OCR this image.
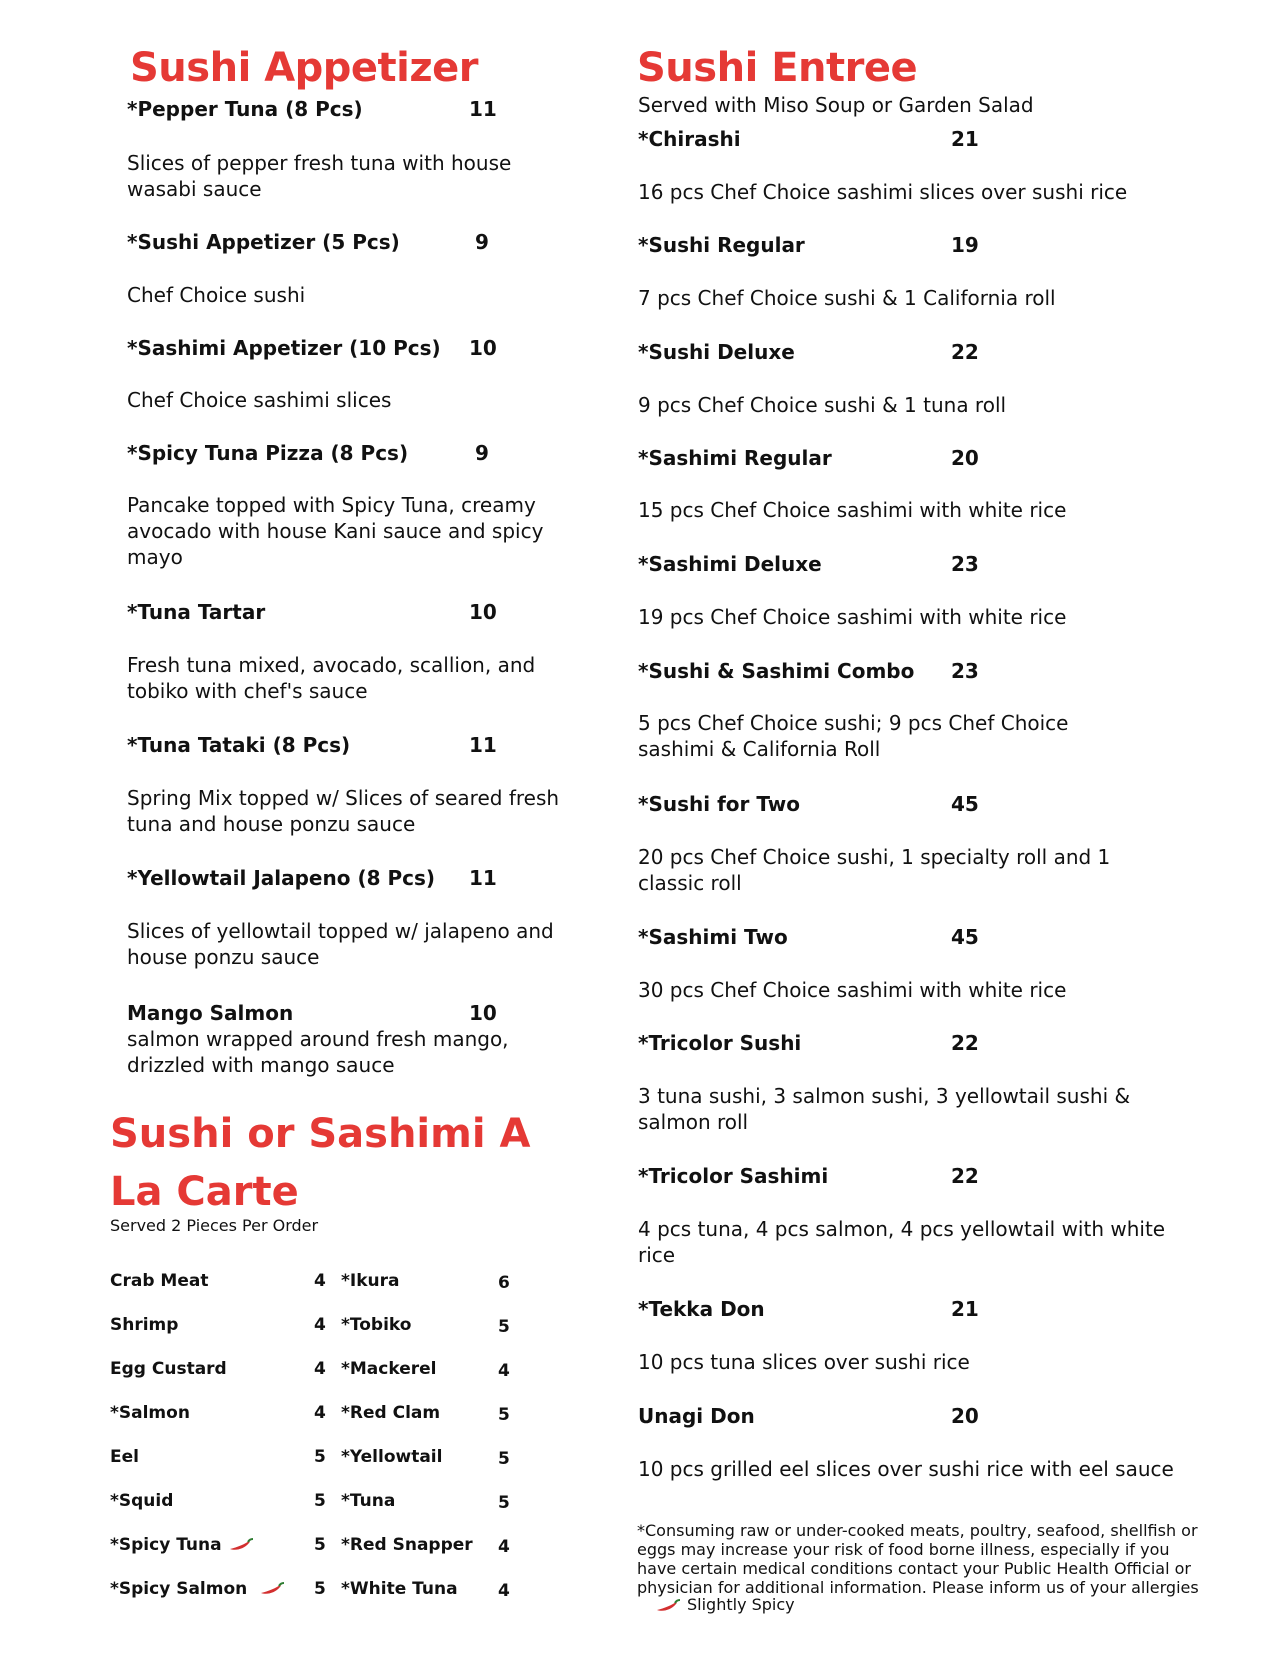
Sushi Appetizer
*Pepper Tuna (8 Pcs)	11
Slices of pepper fresh tuna with house wasabi sauce
*Sushi Appetizer (5 Pcs)	9
Chef Choice sushi
*Sashimi Appetizer (10 Pcs) 10
Chef Choice sashimi slices
*Spicy Tuna Pizza (8 Pcs)	9
Pancake topped with Spicy Tuna, creamy avocado with house Kani sauce and spicy mayo
*Tuna Tartar	10
Fresh tuna mixed, avocado, scallion, and tobiko with chef's sauce
*Tuna Tataki (8 Pcs)	11
Spring Mix topped w/ Slices of seared fresh tuna and house ponzu sauce
*Yellowtail Jalapeno (8 Pcs) 11
Slices of yellowtail topped w/ jalapeno and house ponzu sauce
Mango Salmon	10
salmon wrapped around fresh mango, drizzled with mango sauce
Sushi or Sashimi A La Carte
Served 2 Pieces Per Order
Crab Meat	4 *Ikura	6
Shrimp	4 *Tobiko	5
Egg Custard	4 *Mackerel	4
*Salmon	4 *Red Clam	5
Eel	5 *Yellowtail	5
*Squid	5 *Tuna	5
*Spicy Tuna	5 *Red Snapper 4
*Spicy Salmon	5 *White Tuna 4
Sushi Entree
Served with Miso Soup or Garden Salad
*Chirashi	21
16 pcs Chef Choice sashimi slices over sushi rice
*Sushi Regular	19
7 pcs Chef Choice sushi & 1 California roll
*Sushi Deluxe	22
9 pcs Chef Choice sushi & 1 tuna roll
*Sashimi Regular	20
15 pcs Chef Choice sashimi with white rice
*Sashimi Deluxe	23
19 pcs Chef Choice sashimi with white rice
*Sushi & Sashimi Combo 23
5 pcs Chef Choice sushi; 9 pcs Chef Choice sashimi & California Roll
*Sushi for Two	45
20 pcs Chef Choice sushi, 1 specialty roll and 1 classic roll
*Sashimi Two	45
30 pcs Chef Choice sashimi with white rice
*Tricolor Sushi	22
3 tuna sushi, 3 salmon sushi, 3 yellowtail sushi & salmon roll
*Tricolor Sashimi	22
4 pcs tuna, 4 pcs salmon, 4 pcs yellowtail with white rice
*Tekka Don	21
10 pcs tuna slices over sushi rice
Unagi Don	20
10 pcs grilled eel slices over sushi rice with eel sauce
*Consuming raw or under-cooked meats, poultry, seafood, shellfish or eggs may increase your risk of food borne illness, especially if you have certain medical conditions contact your Public Health Official or physician for additional information. Please inform us of your allergies
Slightly Spicy
